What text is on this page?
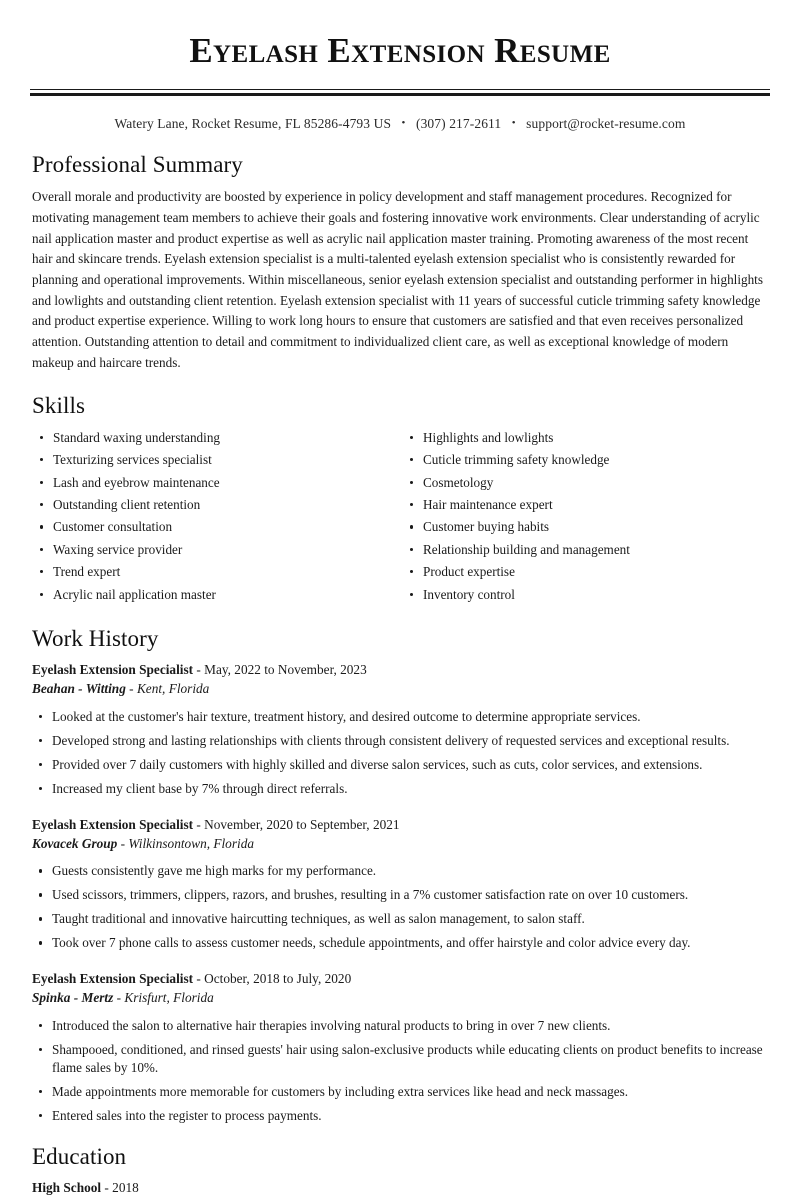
Eyelash Extension Resume
Watery Lane, Rocket Resume, FL 85286-4793 US • (307) 217-2611 • support@rocket-resume.com
Professional Summary

Overall morale and productivity are boosted by experience in policy development and staff management procedures. Recognized for motivating management team members to achieve their goals and fostering innovative work environments. Clear understanding of acrylic nail application master and product expertise as well as acrylic nail application master training. Promoting awareness of the most recent hair and skincare trends. Eyelash extension specialist is a multi-talented eyelash extension specialist who is consistently rewarded for planning and operational improvements. Within miscellaneous, senior eyelash extension specialist and outstanding performer in highlights and lowlights and outstanding client retention. Eyelash extension specialist with 11 years of successful cuticle trimming safety knowledge and product expertise experience. Willing to work long hours to ensure that customers are satisfied and that even receives personalized attention. Outstanding attention to detail and commitment to individualized client care, as well as exceptional knowledge of modern makeup and haircare trends.

Skills
Standard waxing understanding
Texturizing services specialist
Lash and eyebrow maintenance
Outstanding client retention
Customer consultation
Waxing service provider
Trend expert
Acrylic nail application master
Highlights and lowlights
Cuticle trimming safety knowledge
Cosmetology
Hair maintenance expert
Customer buying habits
Relationship building and management
Product expertise
Inventory control
Work History
Eyelash Extension Specialist - May, 2022 to November, 2023
Beahan - Witting - Kent, Florida
Looked at the customer's hair texture, treatment history, and desired outcome to determine appropriate services.
Developed strong and lasting relationships with clients through consistent delivery of requested services and exceptional results.
Provided over 7 daily customers with highly skilled and diverse salon services, such as cuts, color services, and extensions.
Increased my client base by 7% through direct referrals.
Eyelash Extension Specialist - November, 2020 to September, 2021
Kovacek Group - Wilkinsontown, Florida
Guests consistently gave me high marks for my performance.
Used scissors, trimmers, clippers, razors, and brushes, resulting in a 7% customer satisfaction rate on over 10 customers.
Taught traditional and innovative haircutting techniques, as well as salon management, to salon staff.
Took over 7 phone calls to assess customer needs, schedule appointments, and offer hairstyle and color advice every day.
Eyelash Extension Specialist - October, 2018 to July, 2020
Spinka - Mertz - Krisfurt, Florida
Introduced the salon to alternative hair therapies involving natural products to bring in over 7 new clients.
Shampooed, conditioned, and rinsed guests' hair using salon-exclusive products while educating clients on product benefits to increase flame sales by 10%.
Made appointments more memorable for customers by including extra services like head and neck massages.
Entered sales into the register to process payments.
Education
High School - 2018
